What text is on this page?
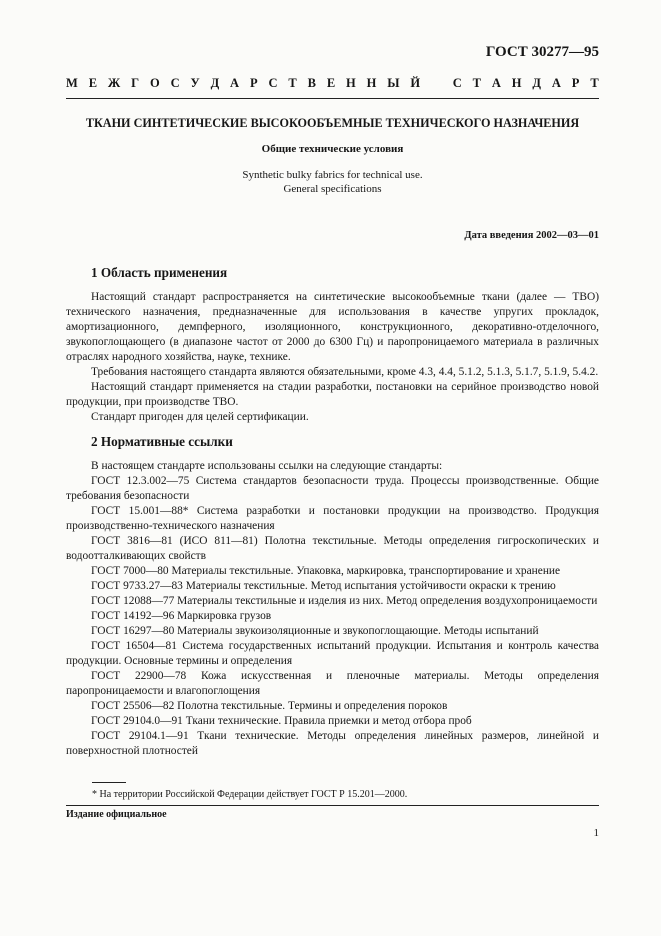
ГОСТ 30277—95
М Е Ж Г О С У Д А Р С Т В Е Н Н Ы Й	С Т А Н Д А Р Т
ТКАНИ СИНТЕТИЧЕСКИЕ ВЫСОКООБЪЕМНЫЕ ТЕХНИЧЕСКОГО НАЗНАЧЕНИЯ
Общие технические условия
Synthetic bulky fabrics for technical use.
General specifications
Дата введения 2002—03—01
1 Область применения

Настоящий стандарт распространяется на синтетические высокообъемные ткани (далее — ТВО) технического назначения, предназначенные для использования в качестве упругих прокладок, амортизационного, демпферного, изоляционного, конструкционного, декоративно-отделочного, звукопоглощающего (в диапазоне частот от 2000 до 6300 Гц) и паропроницаемого материала в различных отраслях народного хозяйства, науке, технике.

Требования настоящего стандарта являются обязательными, кроме 4.3, 4.4, 5.1.2, 5.1.3, 5.1.7, 5.1.9, 5.4.2.

Настоящий стандарт применяется на стадии разработки, постановки на серийное производство новой продукции, при производстве ТВО.

Стандарт пригоден для целей сертификации.

2 Нормативные ссылки

В настоящем стандарте использованы ссылки на следующие стандарты:

ГОСТ 12.3.002—75 Система стандартов безопасности труда. Процессы производственные. Общие требования безопасности

ГОСТ 15.001—88* Система разработки и постановки продукции на производство. Продукция производственно-технического назначения

ГОСТ 3816—81 (ИСО 811—81) Полотна текстильные. Методы определения гигроскопических и водоотталкивающих свойств

ГОСТ 7000—80 Материалы текстильные. Упаковка, маркировка, транспортирование и хранение

ГОСТ 9733.27—83 Материалы текстильные. Метод испытания устойчивости окраски к трению

ГОСТ 12088—77 Материалы текстильные и изделия из них. Метод определения воздухопроницаемости

ГОСТ 14192—96 Маркировка грузов

ГОСТ 16297—80 Материалы звукоизоляционные и звукопоглощающие. Методы испытаний

ГОСТ 16504—81 Система государственных испытаний продукции. Испытания и контроль качества продукции. Основные термины и определения

ГОСТ 22900—78 Кожа искусственная и пленочные материалы. Методы определения паропроницаемости и влагопоглощения

ГОСТ 25506—82 Полотна текстильные. Термины и определения пороков

ГОСТ 29104.0—91 Ткани технические. Правила приемки и метод отбора проб

ГОСТ 29104.1—91 Ткани технические. Методы определения линейных размеров, линейной и поверхностной плотностей

* На территории Российской Федерации действует ГОСТ Р 15.201—2000.
Издание официальное
1
